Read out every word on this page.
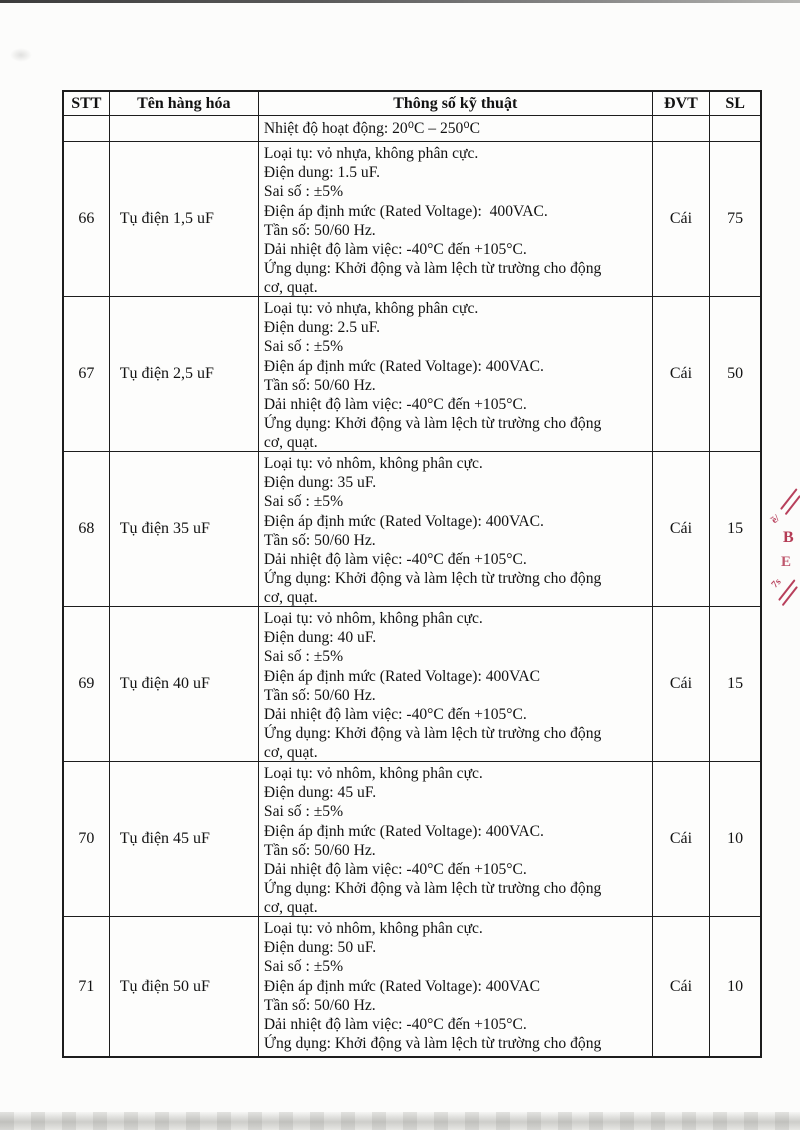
STT	Tên hàng hóa	Thông số kỹ thuật	ĐVT	SL
Nhiệt độ hoạt động: 20⁰C – 250⁰C
66	Tụ điện 1,5 uF
Loại tụ: vỏ nhựa, không phân cực.
Điện dung: 1.5 uF.
Sai số : ±5%
Điện áp định mức (Rated Voltage):  400VAC.
Tần số: 50/60 Hz.
Dải nhiệt độ làm việc: -40°C đến +105°C.
Ứng dụng: Khởi động và làm lệch từ trường cho động
cơ, quạt.
Cái	75
67	Tụ điện 2,5 uF
Loại tụ: vỏ nhựa, không phân cực.
Điện dung: 2.5 uF.
Sai số : ±5%
Điện áp định mức (Rated Voltage): 400VAC.
Tần số: 50/60 Hz.
Dải nhiệt độ làm việc: -40°C đến +105°C.
Ứng dụng: Khởi động và làm lệch từ trường cho động
cơ, quạt.
Cái	50
68	Tụ điện 35 uF
Loại tụ: vỏ nhôm, không phân cực.
Điện dung: 35 uF.
Sai số : ±5%
Điện áp định mức (Rated Voltage): 400VAC.
Tần số: 50/60 Hz.
Dải nhiệt độ làm việc: -40°C đến +105°C.
Ứng dụng: Khởi động và làm lệch từ trường cho động
cơ, quạt.
Cái	15
69	Tụ điện 40 uF
Loại tụ: vỏ nhôm, không phân cực.
Điện dung: 40 uF.
Sai số : ±5%
Điện áp định mức (Rated Voltage): 400VAC
Tần số: 50/60 Hz.
Dải nhiệt độ làm việc: -40°C đến +105°C.
Ứng dụng: Khởi động và làm lệch từ trường cho động
cơ, quạt.
Cái	15
70	Tụ điện 45 uF
Loại tụ: vỏ nhôm, không phân cực.
Điện dung: 45 uF.
Sai số : ±5%
Điện áp định mức (Rated Voltage): 400VAC.
Tần số: 50/60 Hz.
Dải nhiệt độ làm việc: -40°C đến +105°C.
Ứng dụng: Khởi động và làm lệch từ trường cho động
cơ, quạt.
Cái	10
71	Tụ điện 50 uF
Loại tụ: vỏ nhôm, không phân cực.
Điện dung: 50 uF.
Sai số : ±5%
Điện áp định mức (Rated Voltage): 400VAC
Tần số: 50/60 Hz.
Dải nhiệt độ làm việc: -40°C đến +105°C.
Ứng dụng: Khởi động và làm lệch từ trường cho động
Cái	10
ề/
B
E
7s
